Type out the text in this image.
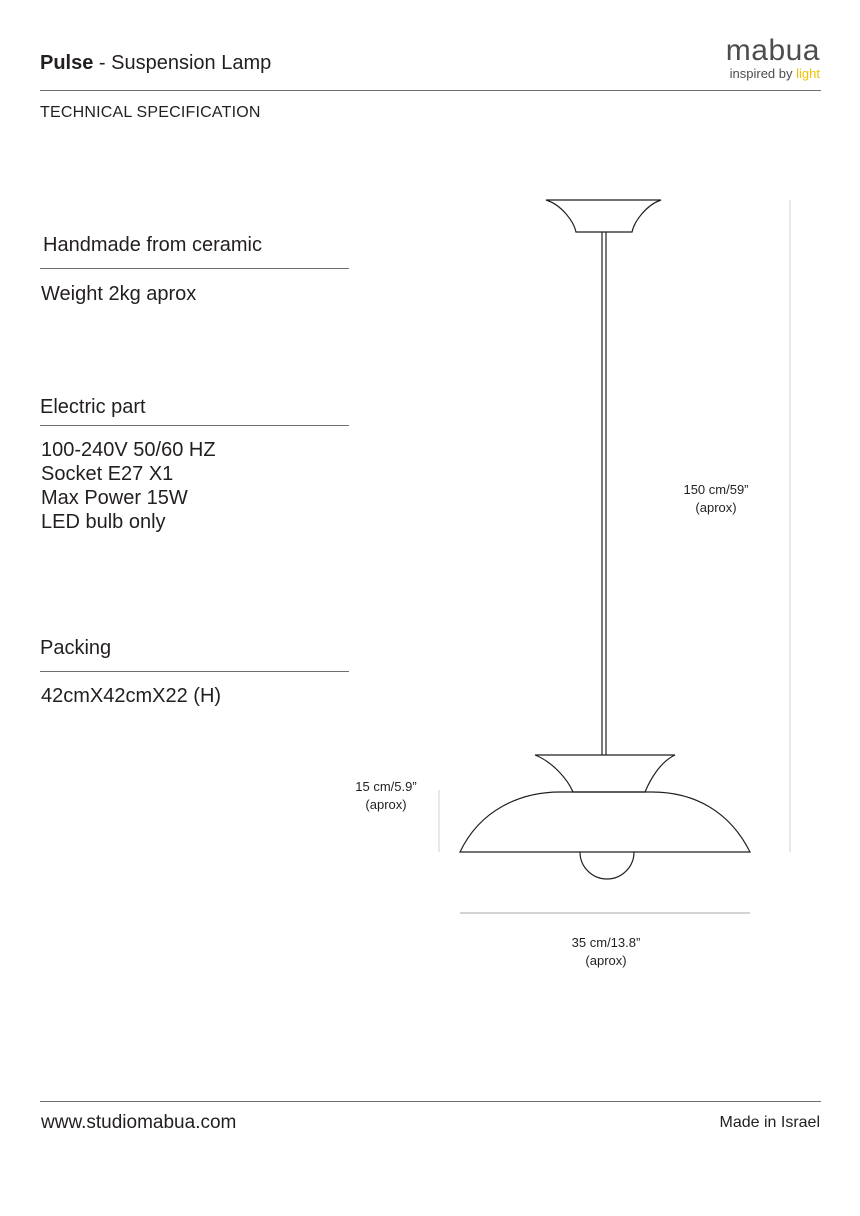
Pulse - Suspension Lamp	mabua
inspired by light
TECHNICAL SPECIFICATION
Handmade from ceramic
Weight 2kg aprox
Electric part
100-240V 50/60 HZ
Socket E27 X1
Max Power 15W
LED bulb only
Packing
42cmX42cmX22 (H)
150 cm/59”
(aprox)
15 cm/5.9”
(aprox)
35 cm/13.8”
(aprox)
www.studiomabua.com	Made in Israel
